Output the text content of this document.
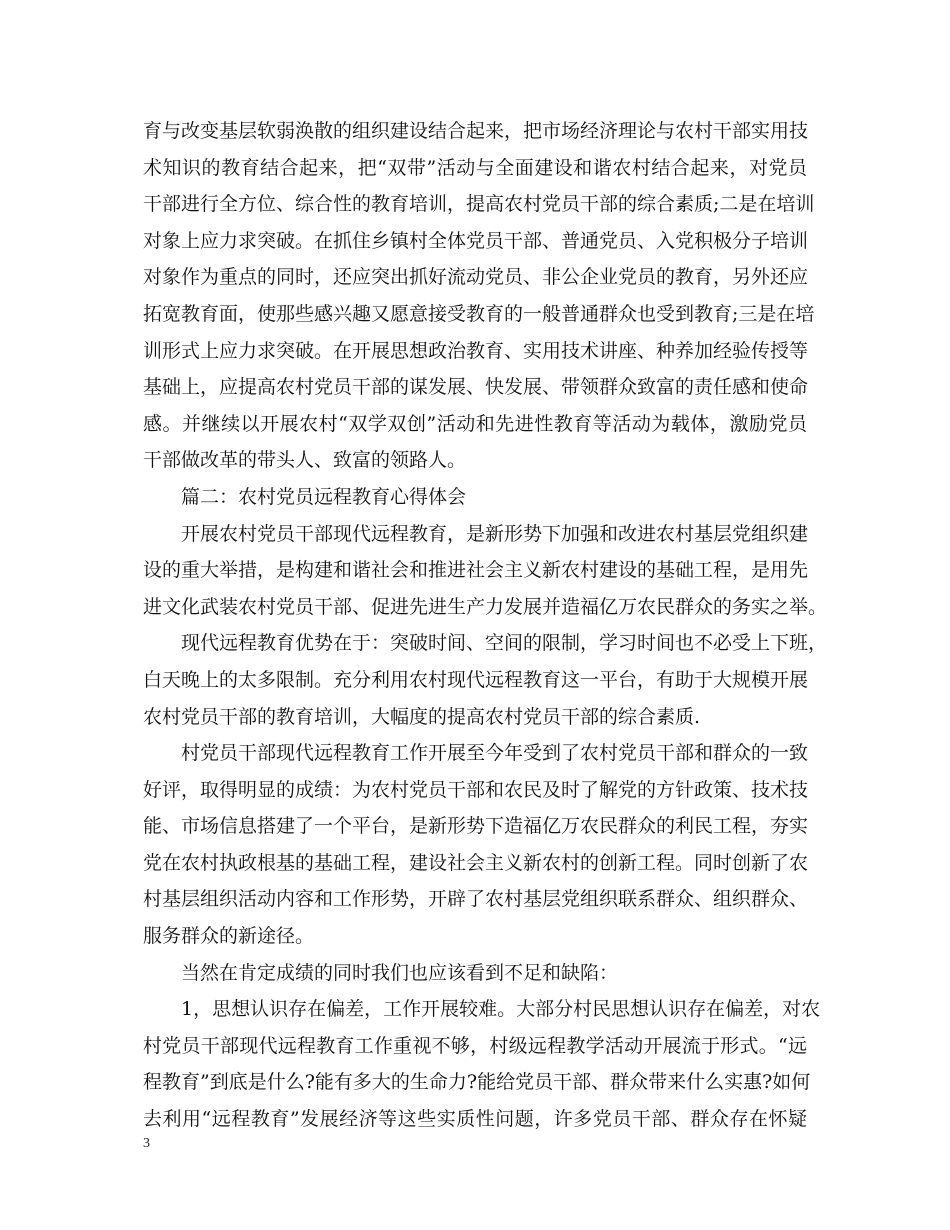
育与改变基层软弱涣散的组织建设结合起来，把市场经济理论与农村干部实用技
术知识的教育结合起来，把“双带”活动与全面建设和谐农村结合起来，对党员
干部进行全方位、综合性的教育培训，提高农村党员干部的综合素质;二是在培训
对象上应力求突破。在抓住乡镇村全体党员干部、普通党员、入党积极分子培训
对象作为重点的同时，还应突出抓好流动党员、非公企业党员的教育，另外还应
拓宽教育面，使那些感兴趣又愿意接受教育的一般普通群众也受到教育;三是在培
训形式上应力求突破。在开展思想政治教育、实用技术讲座、种养加经验传授等
基础上，应提高农村党员干部的谋发展、快发展、带领群众致富的责任感和使命
感。并继续以开展农村“双学双创”活动和先进性教育等活动为载体，激励党员
干部做改革的带头人、致富的领路人。
篇二：农村党员远程教育心得体会
开展农村党员干部现代远程教育，是新形势下加强和改进农村基层党组织建
设的重大举措，是构建和谐社会和推进社会主义新农村建设的基础工程，是用先
进文化武装农村党员干部、促进先进生产力发展并造福亿万农民群众的务实之举。
现代远程教育优势在于：突破时间、空间的限制，学习时间也不必受上下班，
白天晚上的太多限制。充分利用农村现代远程教育这一平台，有助于大规模开展
农村党员干部的教育培训，大幅度的提高农村党员干部的综合素质.
村党员干部现代远程教育工作开展至今年受到了农村党员干部和群众的一致
好评，取得明显的成绩：为农村党员干部和农民及时了解党的方针政策、技术技
能、市场信息搭建了一个平台，是新形势下造福亿万农民群众的利民工程，夯实
党在农村执政根基的基础工程，建设社会主义新农村的创新工程。同时创新了农
村基层组织活动内容和工作形势，开辟了农村基层党组织联系群众、组织群众、
服务群众的新途径。
当然在肯定成绩的同时我们也应该看到不足和缺陷：
1，思想认识存在偏差，工作开展较难。大部分村民思想认识存在偏差，对农
村党员干部现代远程教育工作重视不够，村级远程教学活动开展流于形式。“远
程教育”到底是什么?能有多大的生命力?能给党员干部、群众带来什么实惠?如何
去利用“远程教育”发展经济等这些实质性问题，许多党员干部、群众存在怀疑
3
